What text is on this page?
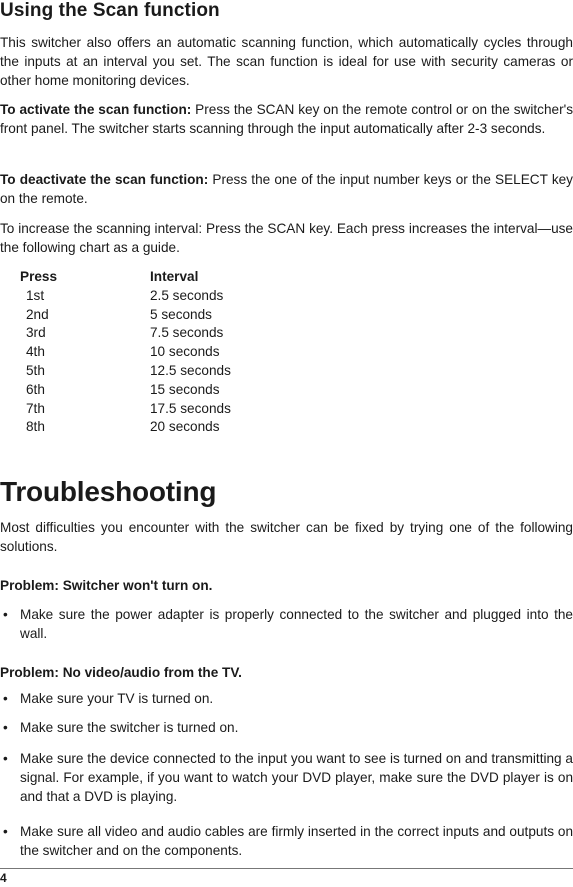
Using the Scan function

This switcher also offers an automatic scanning function, which automatically cycles through the inputs at an interval you set. The scan function is ideal for use with security cameras or other home monitoring devices.

To activate the scan function: Press the SCAN key on the remote control or on the switcher's front panel. The switcher starts scanning through the input automatically after 2-3 seconds.

To deactivate the scan function: Press the one of the input number keys or the SELECT key on the remote.

To increase the scanning interval: Press the SCAN key. Each press increases the interval—use the following chart as a guide.

Press	Interval
1st	2.5 seconds
2nd	5 seconds
3rd	7.5 seconds
4th	10 seconds
5th	12.5 seconds
6th	15 seconds
7th	17.5 seconds
8th	20 seconds
Troubleshooting

Most difficulties you encounter with the switcher can be fixed by trying one of the following solutions.

Problem: Switcher won't turn on.

• Make sure the power adapter is properly connected to the switcher and plugged into the wall.

Problem: No video/audio from the TV.

• Make sure your TV is turned on.
• Make sure the switcher is turned on.
• Make sure the device connected to the input you want to see is turned on and transmitting a signal. For example, if you want to watch your DVD player, make sure the DVD player is on and that a DVD is playing.
• Make sure all video and audio cables are firmly inserted in the correct inputs and outputs on the switcher and on the components.
4
